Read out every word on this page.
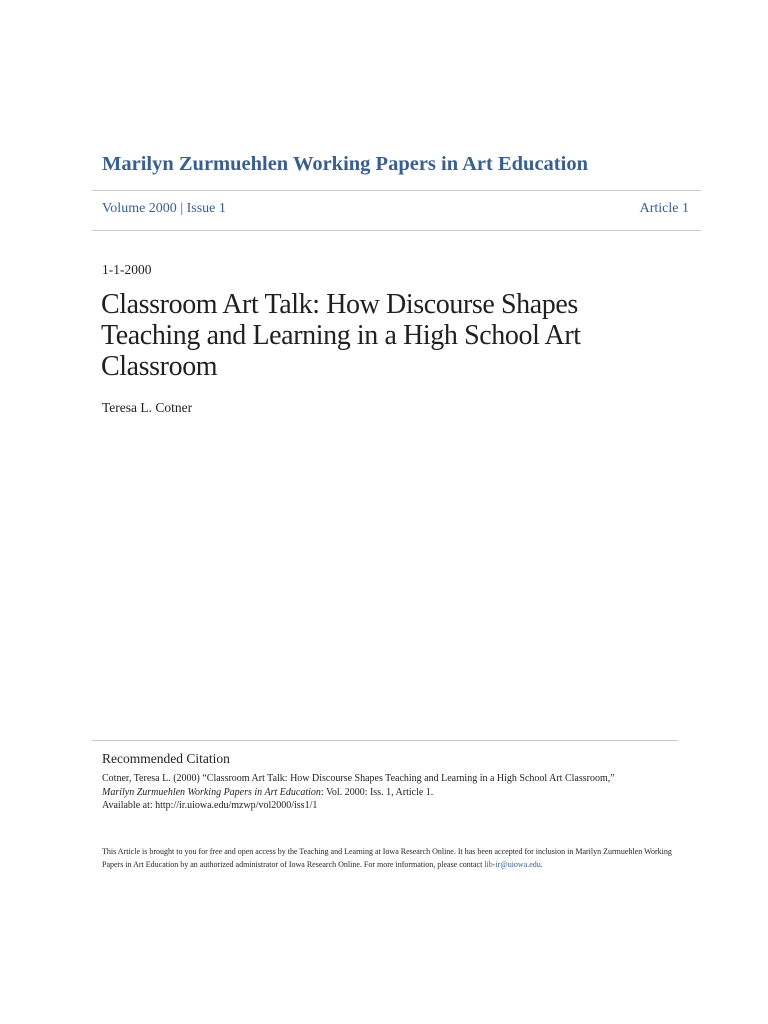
Marilyn Zurmuehlen Working Papers in Art Education
Volume 2000 | Issue 1	Article 1
1-1-2000
Classroom Art Talk: How Discourse Shapes Teaching and Learning in a High School Art Classroom
Teresa L. Cotner
Recommended Citation
Cotner, Teresa L. (2000) “Classroom Art Talk: How Discourse Shapes Teaching and Learning in a High School Art Classroom,”
Marilyn Zurmuehlen Working Papers in Art Education: Vol. 2000: Iss. 1, Article 1.
Available at: http://ir.uiowa.edu/mzwp/vol2000/iss1/1
This Article is brought to you for free and open access by the Teaching and Learning at Iowa Research Online. It has been accepted for inclusion in Marilyn Zurmuehlen Working Papers in Art Education by an authorized administrator of Iowa Research Online. For more information, please contact lib-ir@uiowa.edu.
